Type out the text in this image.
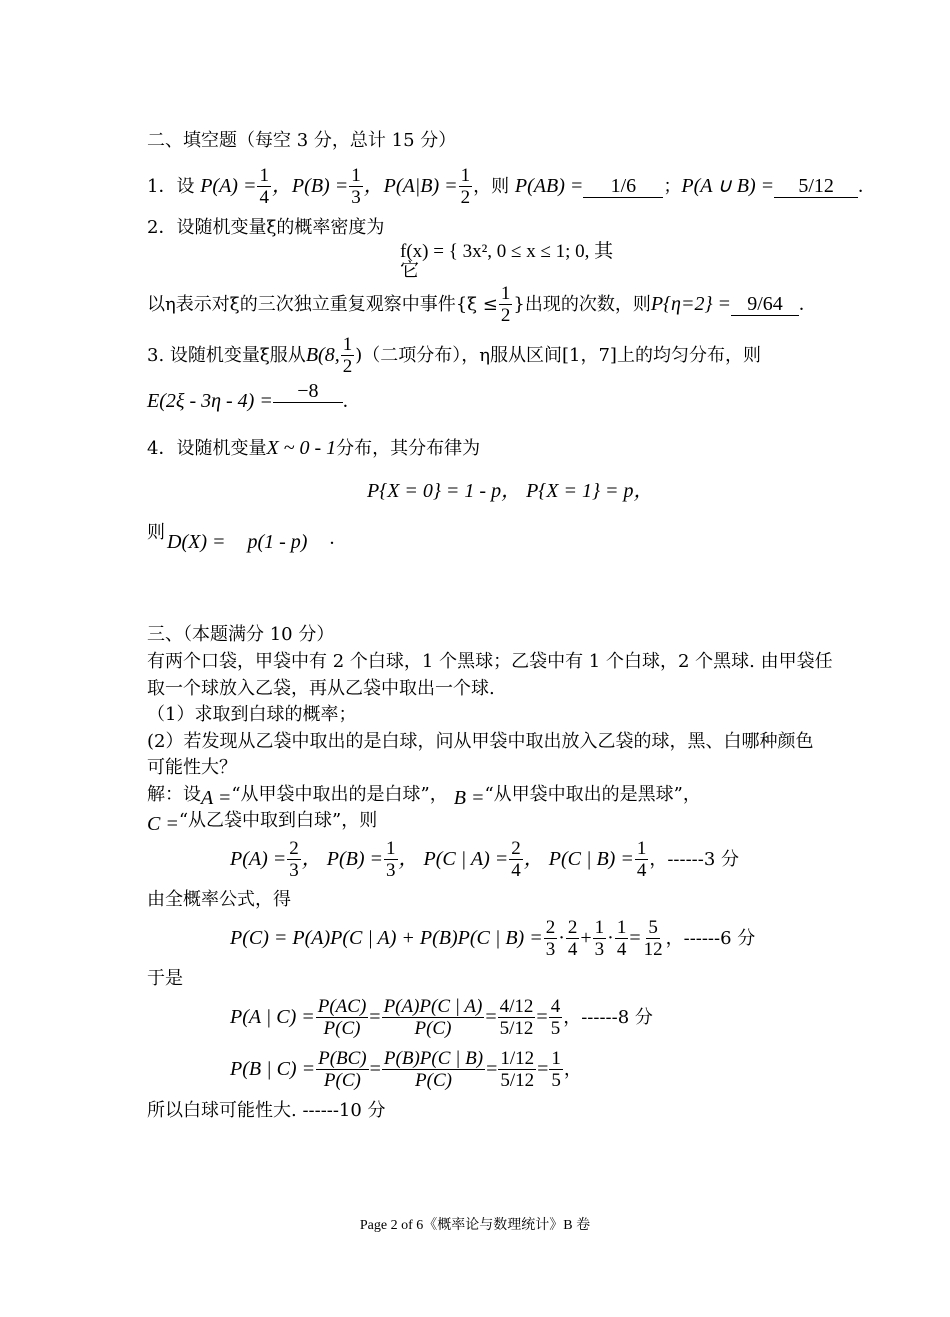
二、填空题（每空 3 分，总计 15 分）
1．设 $P(A) = \frac{1}{4}$ ，$P(B) = \frac{1}{3}$ ，$P(A|B) = \frac{1}{2}$ ，则 P(AB) = 1/6 ；P(A ∪ B) = 5/12 .
2．设随机变量ξ的概率密度为
f(x) = { 3x², 0 ≤ x ≤ 1; 0, 其它
以η表示对ξ的三次独立重复观察中事件{$\xi \le \frac{1}{2}$ }出现的次数，则P{η=2} = 9/64 .
3. 设随机变量ξ服从B(8, $\frac{1}{2}$ )（二项分布），η服从区间[1，7]上的均匀分布，则
E(2ξ - 3η - 4) = −8 .
4．设随机变量X ~ 0 - 1分布，其分布律为
P{X = 0} = 1 - p， P{X = 1} = p，
则 D(X) = p(1 - p) .
三、（本题满分 10 分）
有两个口袋，甲袋中有 2 个白球，1 个黑球；乙袋中有 1 个白球，2 个黑球. 由甲袋任
取一个球放入乙袋，再从乙袋中取出一个球.
（1）求取到白球的概率；
(2）若发现从乙袋中取出的是白球，问从甲袋中取出放入乙袋的球，黑、白哪种颜色
可能性大？
解：设A =“从甲袋中取出的是白球”， B =“从甲袋中取出的是黑球”，
C =“从乙袋中取到白球”，则
$P(A) = \frac{2}{3}$ ， $P(B) = \frac{1}{3}$ ， P(C | $A) = \frac{2}{4}$ ， P(C | $B) = \frac{1}{4}$ ，------3 分
由全概率公式，得
P(C) = P(A)P(C | A) + P(B)P(C | $B) = \frac{2}{3} \cdot \frac{2}{4} + \frac{1}{3} \cdot \frac{1}{4} = \frac{5}{12}$ ，------6 分
于是
P(A | $C) = \frac{P(AC)}{P(C)} = \frac{P(A)P(C | A)}{P(C)} = \frac{4/12}{5/12} = \frac{4}{5}$ ，------8 分
P(B | $C) = \frac{P(BC)}{P(C)} = \frac{P(B)P(C | B)}{P(C)} = \frac{1/12}{5/12} = \frac{1}{5}$ ，
所以白球可能性大. ------10 分
Page 2 of 6《概率论与数理统计》B 卷
